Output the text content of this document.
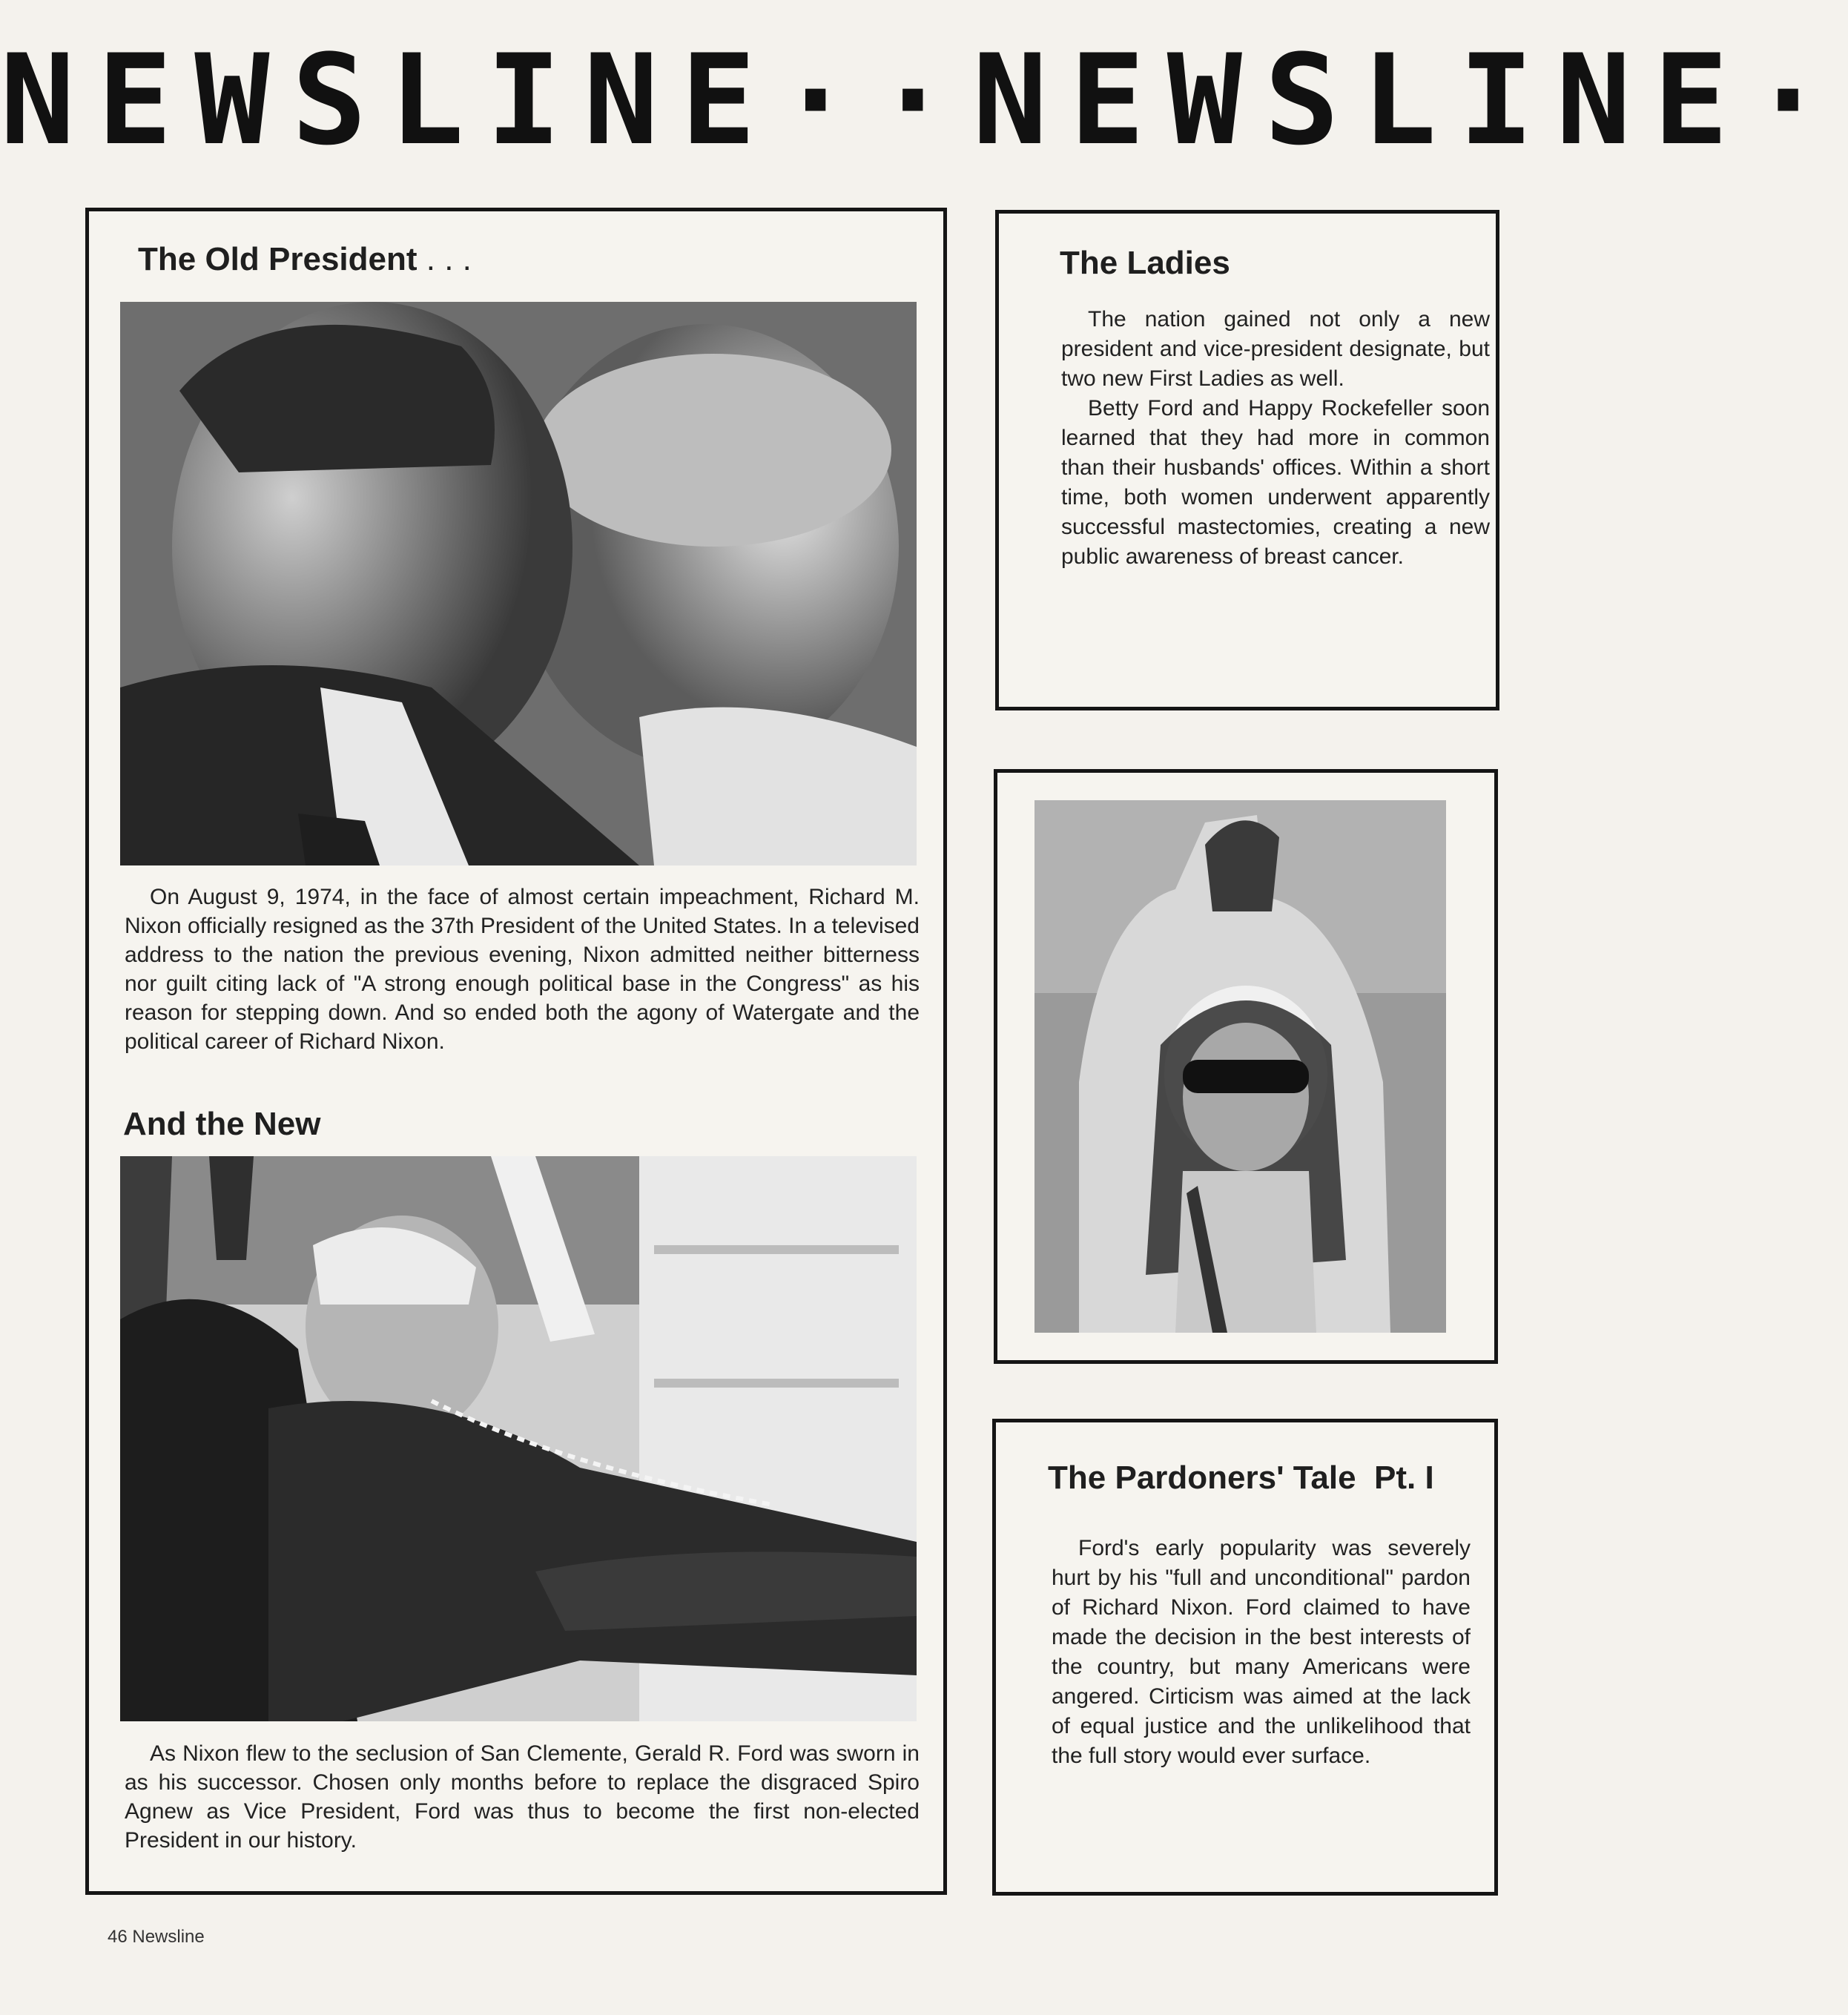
NEWSLINE··NEWSLINE·
The Old President . . .

On August 9, 1974, in the face of almost certain impeachment, Richard M. Nixon officially resigned as the 37th President of the United States. In a televised address to the nation the previous evening, Nixon admitted neither bitterness nor guilt citing lack of "A strong enough political base in the Congress" as his reason for stepping down. And so ended both the agony of Watergate and the political career of Richard Nixon.

And the New

As Nixon flew to the seclusion of San Clemente, Gerald R. Ford was sworn in as his successor. Chosen only months before to replace the disgraced Spiro Agnew as Vice President, Ford was thus to become the first non-elected President in our history.

The Ladies

The nation gained not only a new president and vice-president designate, but two new First Ladies as well.

Betty Ford and Happy Rockefeller soon learned that they had more in common than their husbands' offices. Within a short time, both women underwent apparently successful mastectomies, creating a new public awareness of breast cancer.

The Pardoners' Tale  Pt. I

Ford's early popularity was severely hurt by his "full and unconditional" pardon of Richard Nixon. Ford claimed to have made the decision in the best interests of the country, but many Americans were angered. Cirticism was aimed at the lack of equal justice and the unlikelihood that the full story would ever surface.

46 Newsline
